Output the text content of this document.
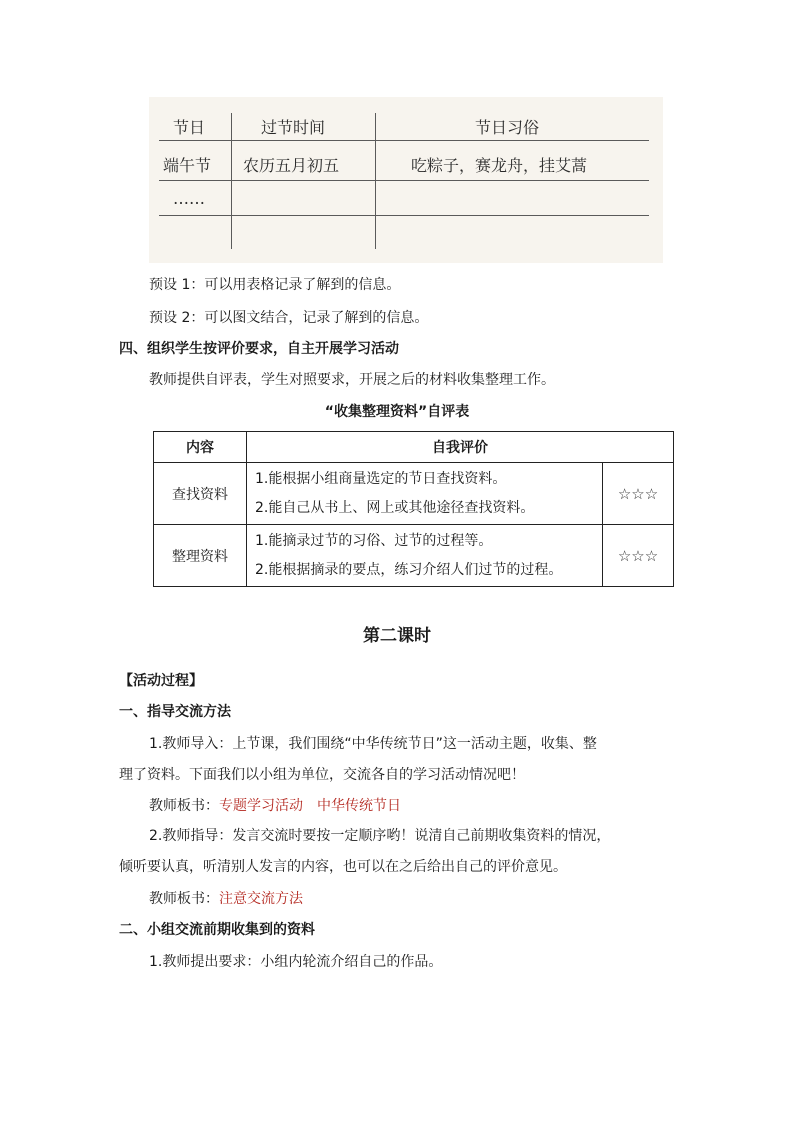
节日	过节时间	节日习俗
端午节 农历五月初五	吃粽子，赛龙舟，挂艾蒿
……
预设 1：可以用表格记录了解到的信息。
预设 2：可以图文结合，记录了解到的信息。
四、组织学生按评价要求，自主开展学习活动
教师提供自评表，学生对照要求，开展之后的材料收集整理工作。
“收集整理资料”自评表
内容	自我评价	
查找资料	1.能根据小组商量选定的节日查找资料。
2.能自己从书上、网上或其他途径查找资料。	☆☆☆
整理资料	1.能摘录过节的习俗、过节的过程等。
2.能根据摘录的要点，练习介绍人们过节的过程。	☆☆☆
第二课时
【活动过程】
一、指导交流方法
1.教师导入：上节课，我们围绕“中华传统节日”这一活动主题，收集、整
理了资料。下面我们以小组为单位，交流各自的学习活动情况吧！
教师板书：专题学习活动 中华传统节日
2.教师指导：发言交流时要按一定顺序哟！说清自己前期收集资料的情况，
倾听要认真，听清别人发言的内容，也可以在之后给出自己的评价意见。
教师板书：注意交流方法
二、小组交流前期收集到的资料
1.教师提出要求：小组内轮流介绍自己的作品。
